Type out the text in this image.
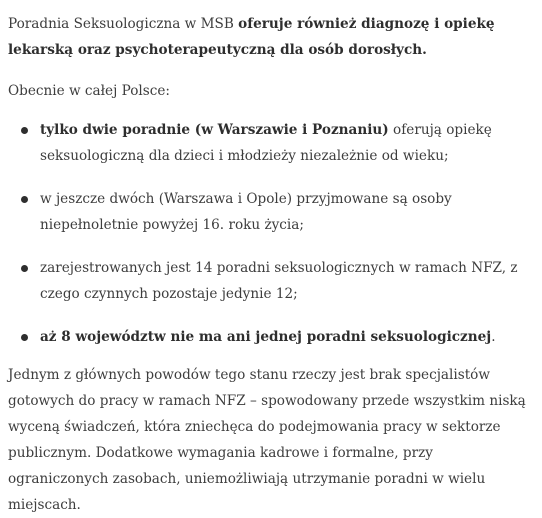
Poradnia Seksuologiczna w MSB oferuje również diagnozę i opiekę lekarską oraz psychoterapeutyczną dla osób dorosłych.

Obecnie w całej Polsce:

tylko dwie poradnie (w Warszawie i Poznaniu) oferują opiekę seksuologiczną dla dzieci i młodzieży niezależnie od wieku;
w jeszcze dwóch (Warszawa i Opole) przyjmowane są osoby niepełnoletnie powyżej 16. roku życia;
zarejestrowanych jest 14 poradni seksuologicznych w ramach NFZ, z czego czynnych pozostaje jedynie 12;
aż 8 województw nie ma ani jednej poradni seksuologicznej.

Jednym z głównych powodów tego stanu rzeczy jest brak specjalistów gotowych do pracy w ramach NFZ – spowodowany przede wszystkim niską wyceną świadczeń, która zniechęca do podejmowania pracy w sektorze publicznym. Dodatkowe wymagania kadrowe i formalne, przy ograniczonych zasobach, uniemożliwiają utrzymanie poradni w wielu miejscach.
